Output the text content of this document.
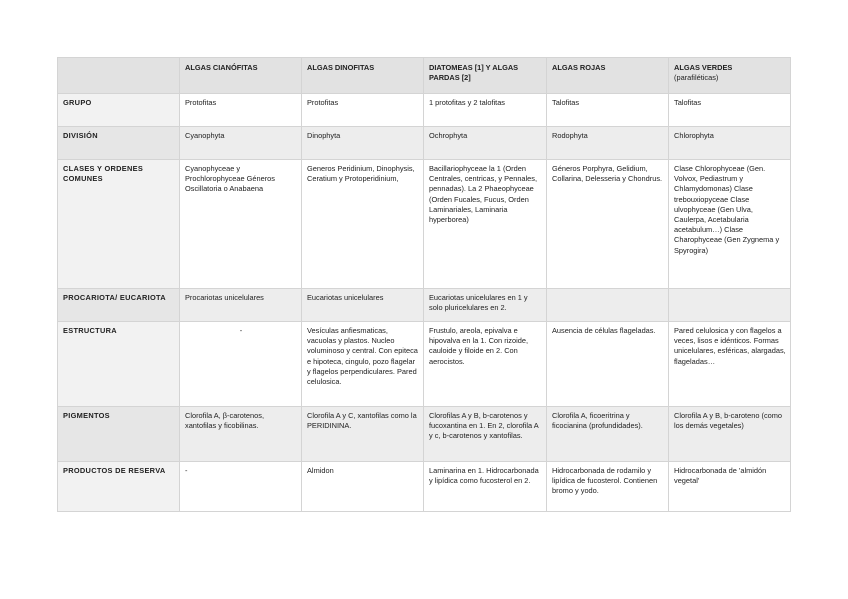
	ALGAS CIANÓFITAS	ALGAS DINOFITAS	DIATOMEAS [1] Y ALGAS PARDAS [2]	ALGAS ROJAS	ALGAS VERDES
(parafiléticas)

GRUPO	Protofitas	Protofitas	1 protofitas y 2 talofitas	Talofitas	Talofitas
DIVISIÓN	Cyanophyta	Dinophyta	Ochrophyta	Rodophyta	Chlorophyta
CLASES Y ORDENES COMUNES	Cyanophyceae y Prochlorophyceae Géneros Oscillatoria o Anabaena	Generos Peridinium, Dinophysis, Ceratium y Protoperidinium,	Bacillariophyceae la 1 (Orden Centrales, centricas, y Pennales, pennadas). La 2 Phaeophyceae (Orden Fucales, Fucus, Orden Laminariales, Laminaria hyperborea)	Géneros Porphyra, Gelidium, Collarina, Delesseria y Chondrus.	Clase Chlorophyceae (Gen. Volvox, Pediastrum y Chlamydomonas) Clase trebouxiopyceae Clase ulvophyceae (Gen Ulva, Caulerpa, Acetabularia acetabulum…) Clase Charophyceae (Gen Zygnema y Spyrogira)
PROCARIOTA/ EUCARIOTA	Procariotas unicelulares	Eucariotas unicelulares	Eucariotas unicelulares en 1 y solo pluricelulares en 2.		
ESTRUCTURA	-	Vesículas anfiesmaticas, vacuolas y plastos. Nucleo voluminoso y central. Con epiteca e hipoteca, cingulo, pozo flagelar y flagelos perpendiculares. Pared celulosica.	Frustulo, areola, epivalva e hipovalva en la 1. Con rizoide, cauloide y filoide en 2. Con aerocistos.	Ausencia de células flageladas.	Pared celulosica y con flagelos a veces, lisos e idénticos. Formas unicelulares, esféricas, alargadas, flageladas…
PIGMENTOS	Clorofila A, β-carotenos, xantofilas y ficobilinas.	Clorofila A y C, xantofilas como la PERIDININA.	Clorofilas A y B, b-carotenos y fucoxantina en 1. En 2, clorofila A y c, b-carotenos y xantofilas.	Clorofila A, ficoeritrina y ficocianina (profundidades).	Clorofila A y B, b-caroteno (como los demás vegetales)
PRODUCTOS DE RESERVA	-	Almidon	Laminarina en 1. Hidrocarbonada y lipídica como fucosterol en 2.	Hidrocarbonada de rodamilo y lipídica de fucosterol. Contienen bromo y yodo.	Hidrocarbonada de 'almidón vegetal'
